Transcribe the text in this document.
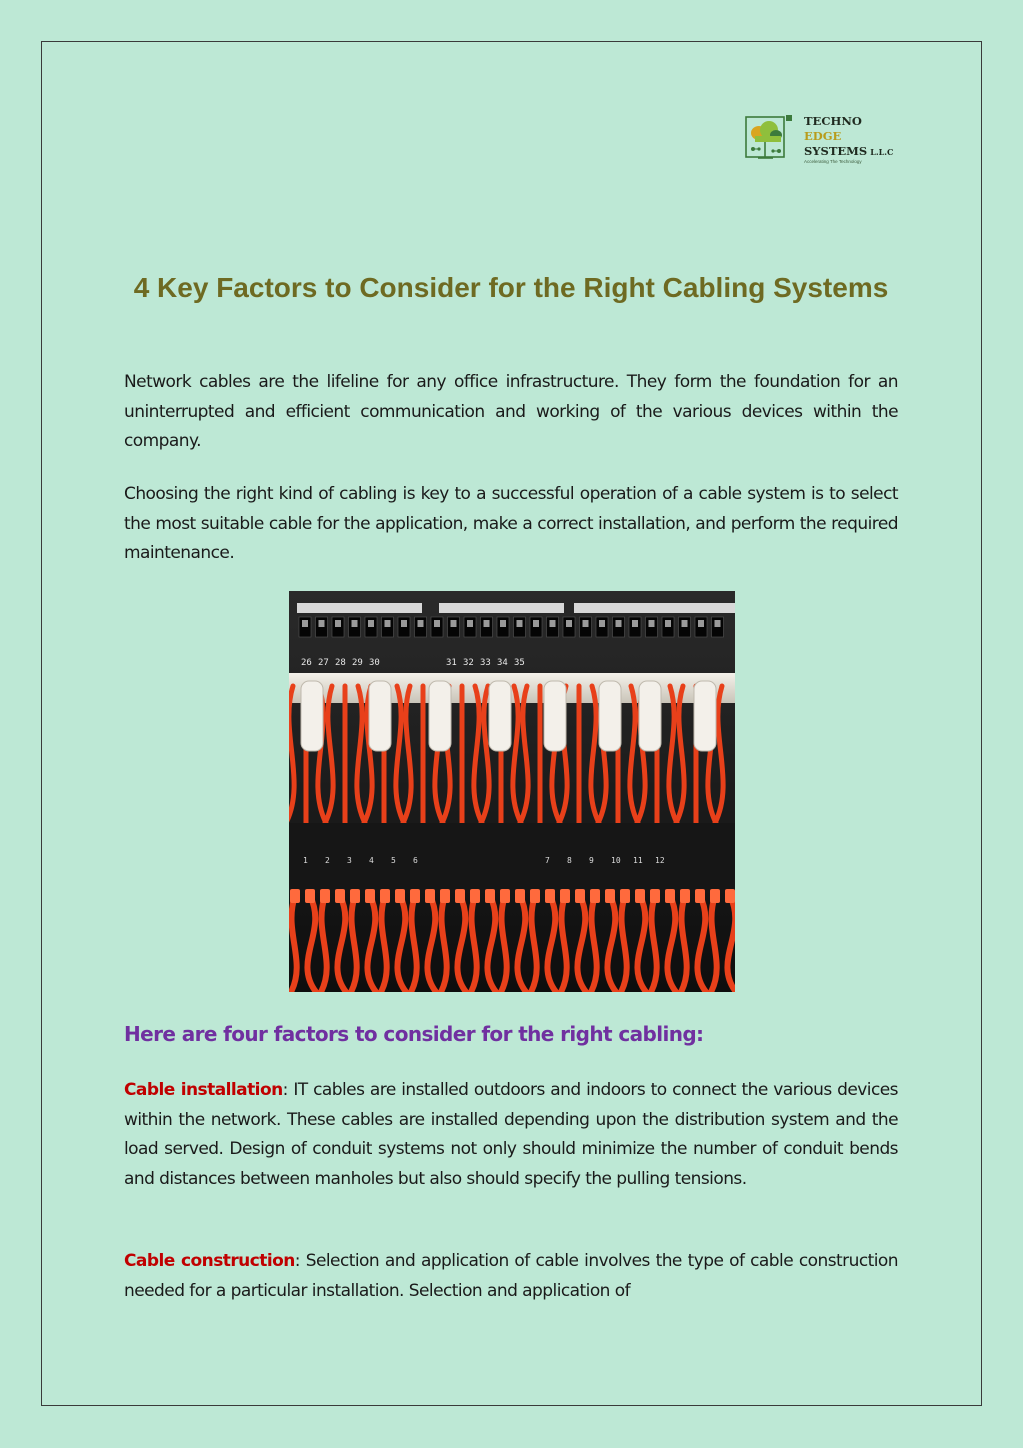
TECHNO
EDGE
SYSTEMS L.L.C
Accelerating The Technology
4 Key Factors to Consider for the Right Cabling Systems

Network cables are the lifeline for any office infrastructure. They form the foundation for an uninterrupted and efficient communication and working of the various devices within the company.

Choosing the right kind of cabling is key to a successful operation of a cable system is to select the most suitable cable for the application, make a correct installation, and perform the required maintenance.

26 27 28 29 30	31 32 33 34 35
1 2 3 4 5 6	7 8 9 10 11 12
Here are four factors to consider for the right cabling:

Cable installation: IT cables are installed outdoors and indoors to connect the various devices within the network. These cables are installed depending upon the distribution system and the load served. Design of conduit systems not only should minimize the number of conduit bends and distances between manholes but also should specify the pulling tensions.

Cable construction: Selection and application of cable involves the type of cable construction needed for a particular installation. Selection and application of
